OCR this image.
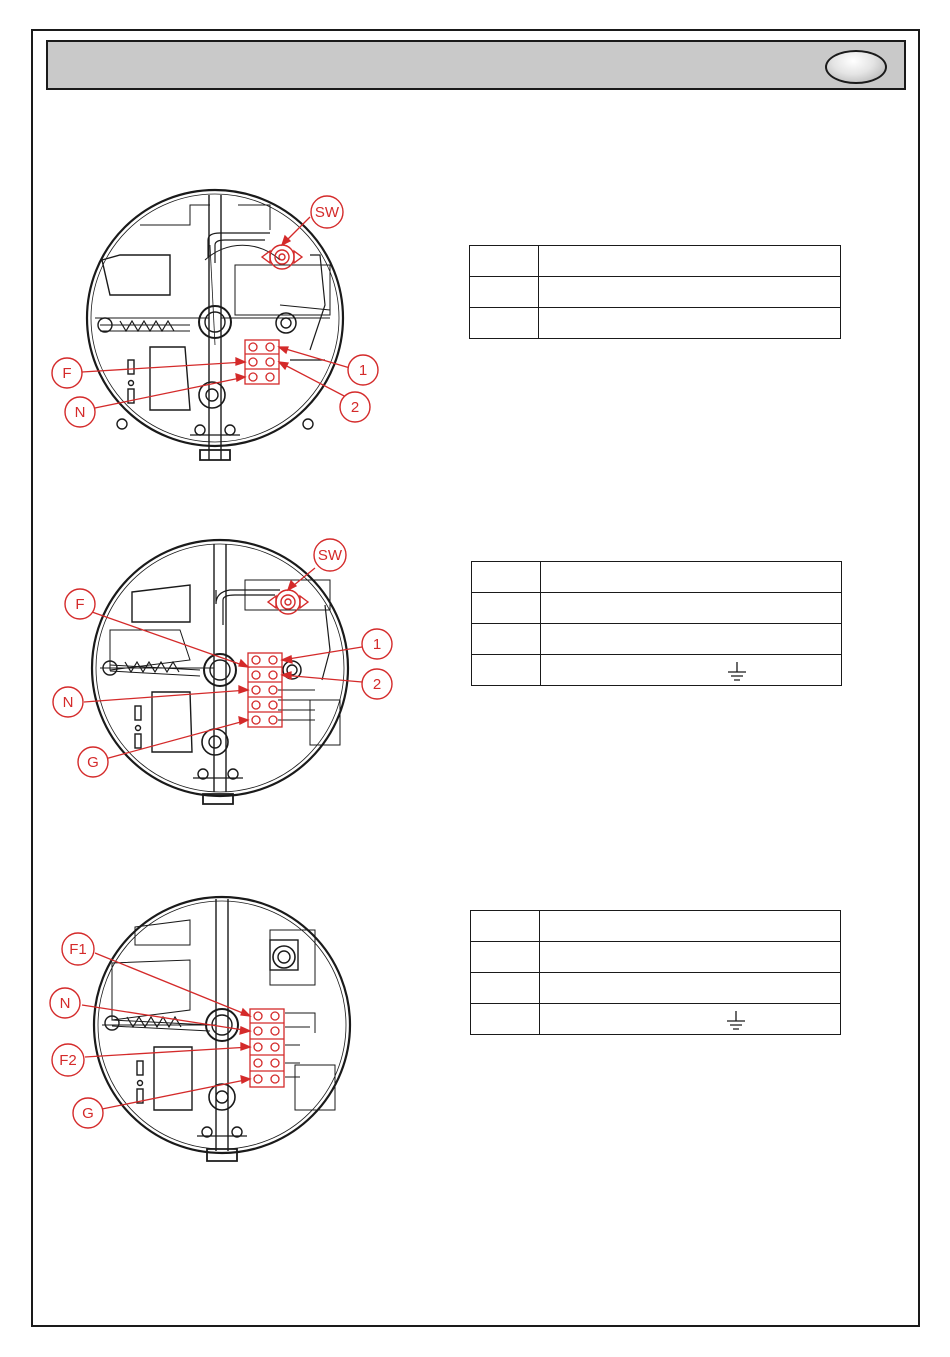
SW
F
N
1
2

SW
F
N
1
2
G

F1
N
F2
G
